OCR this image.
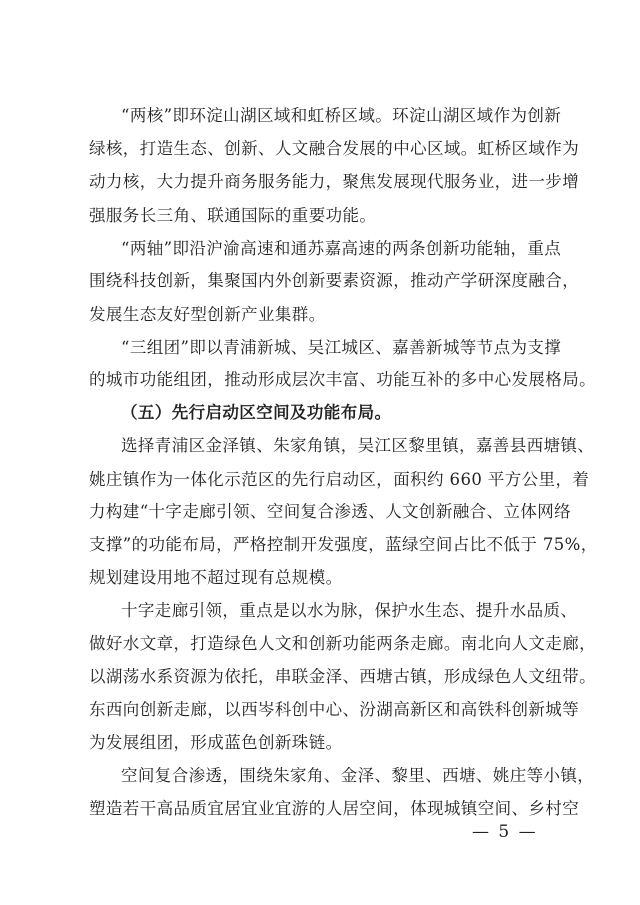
“两核”即环淀山湖区域和虹桥区域。环淀山湖区域作为创新
绿核，打造生态、创新、人文融合发展的中心区域。虹桥区域作为
动力核，大力提升商务服务能力，聚焦发展现代服务业，进一步增
强服务长三角、联通国际的重要功能。
“两轴”即沿沪渝高速和通苏嘉高速的两条创新功能轴，重点
围绕科技创新，集聚国内外创新要素资源，推动产学研深度融合，
发展生态友好型创新产业集群。
“三组团”即以青浦新城、吴江城区、嘉善新城等节点为支撑
的城市功能组团，推动形成层次丰富、功能互补的多中心发展格局。
（五）先行启动区空间及功能布局。
选择青浦区金泽镇、朱家角镇，吴江区黎里镇，嘉善县西塘镇、
姚庄镇作为一体化示范区的先行启动区，面积约 660 平方公里，着
力构建“十字走廊引领、空间复合渗透、人文创新融合、立体网络
支撑”的功能布局，严格控制开发强度，蓝绿空间占比不低于 75%，
规划建设用地不超过现有总规模。
十字走廊引领，重点是以水为脉，保护水生态、提升水品质、
做好水文章，打造绿色人文和创新功能两条走廊。南北向人文走廊，
以湖荡水系资源为依托，串联金泽、西塘古镇，形成绿色人文纽带。
东西向创新走廊，以西岑科创中心、汾湖高新区和高铁科创新城等
为发展组团，形成蓝色创新珠链。
空间复合渗透，围绕朱家角、金泽、黎里、西塘、姚庄等小镇，
塑造若干高品质宜居宜业宜游的人居空间，体现城镇空间、乡村空
— 5 —
